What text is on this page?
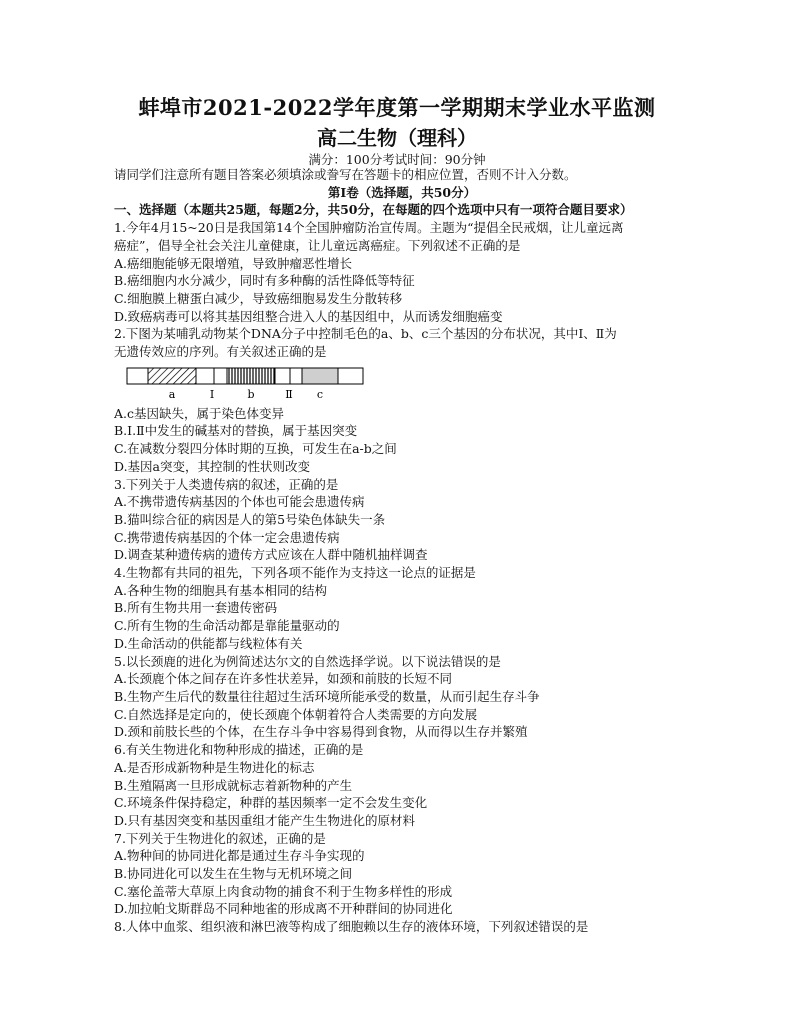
蚌埠市2021-2022学年度第一学期期末学业水平监测
高二生物（理科）
满分：100分考试时间：90分钟
请同学们注意所有题目答案必须填涂或誊写在答题卡的相应位置，否则不计入分数。
第Ⅰ卷（选择题，共50分）
一、选择题（本题共25题，每题2分，共50分，在每题的四个选项中只有一项符合题目要求）
1.今年4月15~20日是我国第14个全国肿瘤防治宣传周。主题为“提倡全民戒烟，让儿童远离
癌症”，倡导全社会关注儿童健康，让儿童远离癌症。下列叙述不正确的是
A.癌细胞能够无限增殖，导致肿瘤恶性增长
B.癌细胞内水分减少，同时有多种酶的活性降低等特征
C.细胞膜上糖蛋白减少，导致癌细胞易发生分散转移
D.致癌病毒可以将其基因组整合进入人的基因组中，从而诱发细胞癌变
2.下图为某哺乳动物某个DNA分子中控制毛色的a、b、c三个基因的分布状况，其中Ⅰ、Ⅱ为
无遗传效应的序列。有关叙述正确的是
a	Ⅰ	b	Ⅱ c
A.c基因缺失，属于染色体变异
B.Ⅰ.Ⅱ中发生的碱基对的替换，属于基因突变
C.在减数分裂四分体时期的互换，可发生在a-b之间
D.基因a突变，其控制的性状则改变
3.下列关于人类遗传病的叙述，正确的是
A.不携带遗传病基因的个体也可能会患遗传病
B.猫叫综合征的病因是人的第5号染色体缺失一条
C.携带遗传病基因的个体一定会患遗传病
D.调查某种遗传病的遗传方式应该在人群中随机抽样调查
4.生物都有共同的祖先，下列各项不能作为支持这一论点的证据是
A.各种生物的细胞具有基本相同的结构
B.所有生物共用一套遗传密码
C.所有生物的生命活动都是靠能量驱动的
D.生命活动的供能都与线粒体有关
5.以长颈鹿的进化为例简述达尔文的自然选择学说。以下说法错误的是
A.长颈鹿个体之间存在许多性状差异，如颈和前肢的长短不同
B.生物产生后代的数量往往超过生活环境所能承受的数量，从而引起生存斗争
C.自然选择是定向的，使长颈鹿个体朝着符合人类需要的方向发展
D.颈和前肢长些的个体，在生存斗争中容易得到食物，从而得以生存并繁殖
6.有关生物进化和物种形成的描述，正确的是
A.是否形成新物种是生物进化的标志
B.生殖隔离一旦形成就标志着新物种的产生
C.环境条件保持稳定，种群的基因频率一定不会发生变化
D.只有基因突变和基因重组才能产生生物进化的原材料
7.下列关于生物进化的叙述，正确的是
A.物种间的协同进化都是通过生存斗争实现的
B.协同进化可以发生在生物与无机环境之间
C.塞伦盖蒂大草原上肉食动物的捕食不利于生物多样性的形成
D.加拉帕戈斯群岛不同种地雀的形成离不开种群间的协同进化
8.人体中血浆、组织液和淋巴液等构成了细胞赖以生存的液体环境，下列叙述错误的是
